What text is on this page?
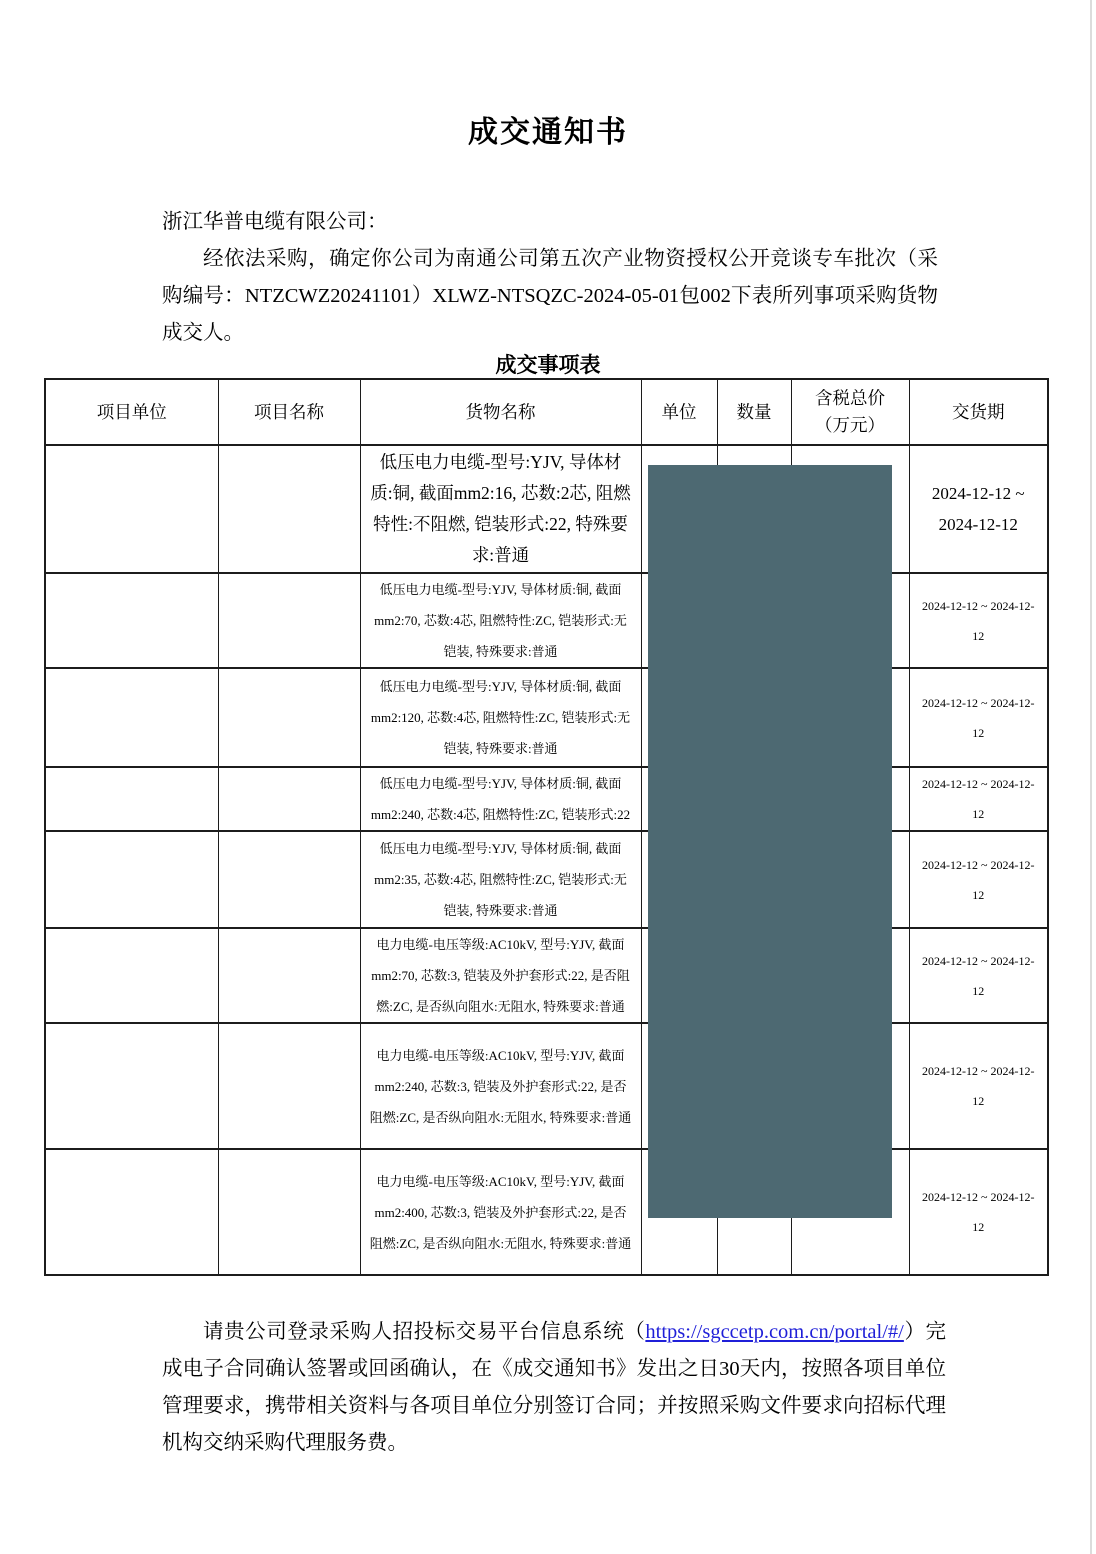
成交通知书

浙江华普电缆有限公司：

经依法采购，确定你公司为南通公司第五次产业物资授权公开竞谈专车批次（采购编号：NTZCWZ20241101）XLWZ-NTSQZC-2024-05-01包002下表所列事项采购货物成交人。

成交事项表
项目单位	项目名称	货物名称	单位	数量	含税总价（万元）	交货期
		低压电力电缆-型号:YJV, 导体材质:铜, 截面mm2:16, 芯数:2芯, 阻燃特性:不阻燃, 铠装形式:22, 特殊要求:普通				2024-12-12 ~ 2024-12-12
		低压电力电缆-型号:YJV, 导体材质:铜, 截面mm2:70, 芯数:4芯, 阻燃特性:ZC, 铠装形式:无铠装, 特殊要求:普通				2024-12-12 ~ 2024-12-12
		低压电力电缆-型号:YJV, 导体材质:铜, 截面mm2:120, 芯数:4芯, 阻燃特性:ZC, 铠装形式:无铠装, 特殊要求:普通				2024-12-12 ~ 2024-12-12
		低压电力电缆-型号:YJV, 导体材质:铜, 截面mm2:240, 芯数:4芯, 阻燃特性:ZC, 铠装形式:22				2024-12-12 ~ 2024-12-12
		低压电力电缆-型号:YJV, 导体材质:铜, 截面mm2:35, 芯数:4芯, 阻燃特性:ZC, 铠装形式:无铠装, 特殊要求:普通				2024-12-12 ~ 2024-12-12
		电力电缆-电压等级:AC10kV, 型号:YJV, 截面mm2:70, 芯数:3, 铠装及外护套形式:22, 是否阻燃:ZC, 是否纵向阻水:无阻水, 特殊要求:普通				2024-12-12 ~ 2024-12-12
		电力电缆-电压等级:AC10kV, 型号:YJV, 截面mm2:240, 芯数:3, 铠装及外护套形式:22, 是否阻燃:ZC, 是否纵向阻水:无阻水, 特殊要求:普通				2024-12-12 ~ 2024-12-12
		电力电缆-电压等级:AC10kV, 型号:YJV, 截面mm2:400, 芯数:3, 铠装及外护套形式:22, 是否阻燃:ZC, 是否纵向阻水:无阻水, 特殊要求:普通				2024-12-12 ~ 2024-12-12
请贵公司登录采购人招投标交易平台信息系统（https://sgccetp.com.cn/portal/#/）完成电子合同确认签署或回函确认，在《成交通知书》发出之日30天内，按照各项目单位管理要求，携带相关资料与各项目单位分别签订合同；并按照采购文件要求向招标代理机构交纳采购代理服务费。
